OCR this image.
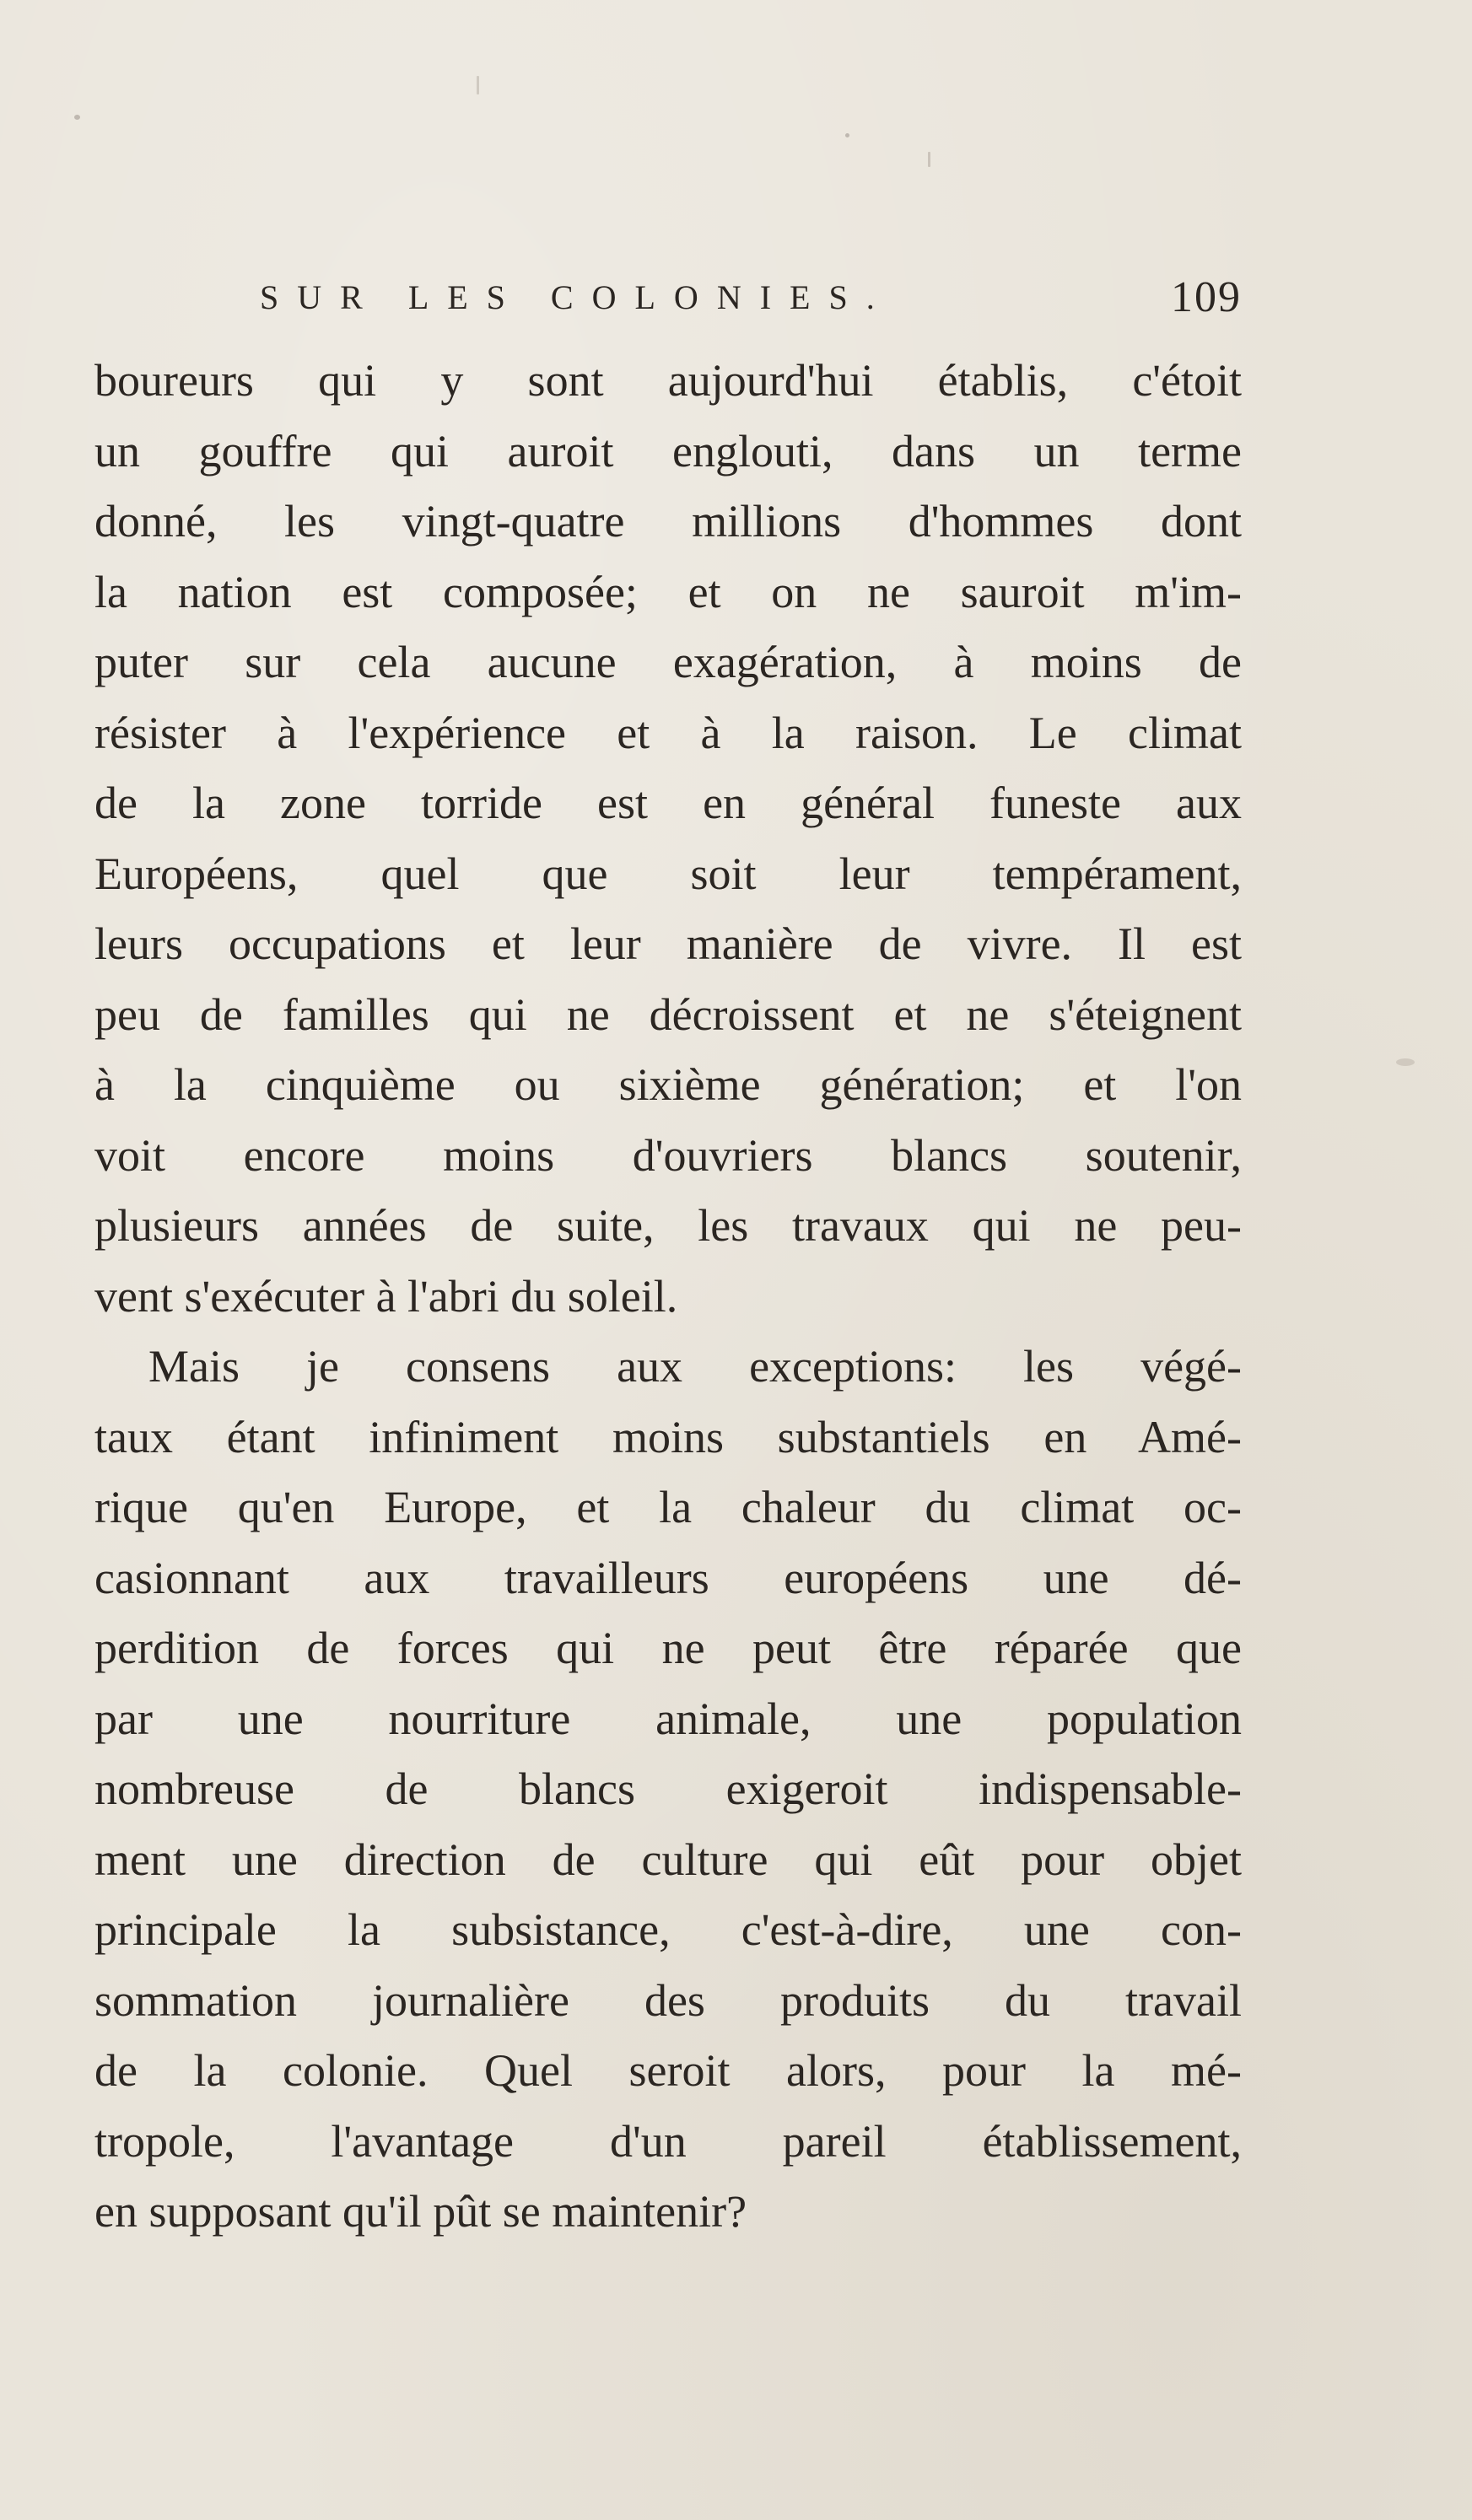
SUR LES COLONIES.	109
boureurs qui y sont aujourd'hui établis, c'étoit
un gouffre qui auroit englouti, dans un terme
donné, les vingt-quatre millions d'hommes dont
la nation est composée; et on ne sauroit m'im-
puter sur cela aucune exagération, à moins de
résister à l'expérience et à la raison. Le climat
de la zone torride est en général funeste aux
Européens, quel que soit leur tempérament,
leurs occupations et leur manière de vivre. Il est
peu de familles qui ne décroissent et ne s'éteignent
à la cinquième ou sixième génération; et l'on
voit encore moins d'ouvriers blancs soutenir,
plusieurs années de suite, les travaux qui ne peu-
vent s'exécuter à l'abri du soleil.
Mais je consens aux exceptions: les végé-
taux étant infiniment moins substantiels en Amé-
rique qu'en Europe, et la chaleur du climat oc-
casionnant aux travailleurs européens une dé-
perdition de forces qui ne peut être réparée que
par une nourriture animale, une population
nombreuse de blancs exigeroit indispensable-
ment une direction de culture qui eût pour objet
principale la subsistance, c'est-à-dire, une con-
sommation journalière des produits du travail
de la colonie. Quel seroit alors, pour la mé-
tropole, l'avantage d'un pareil établissement,
en supposant qu'il pût se maintenir?
